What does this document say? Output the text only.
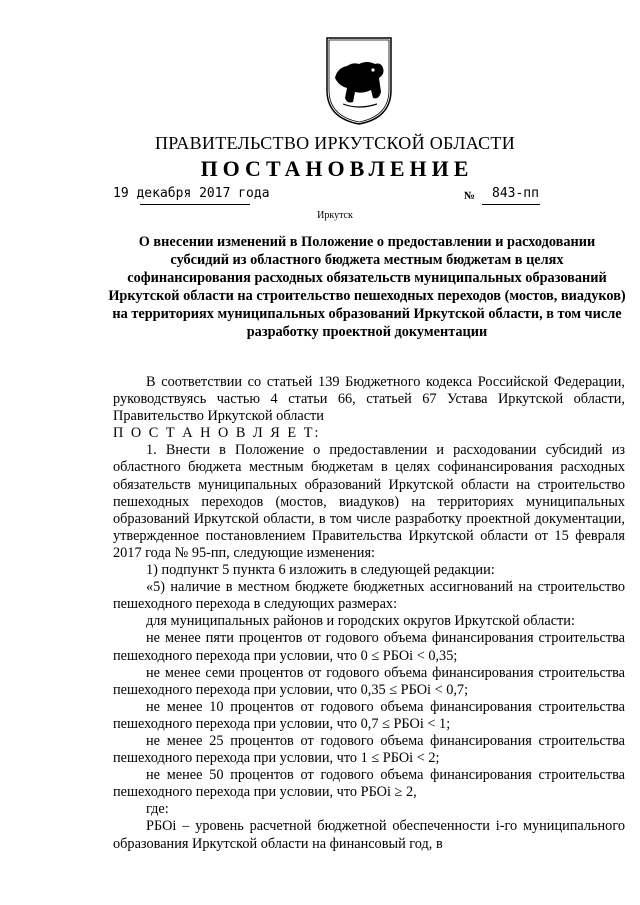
ПРАВИТЕЛЬСТВО ИРКУТСКОЙ ОБЛАСТИ
ПОСТАНОВЛЕНИЕ
19 декабря 2017 года	№ 843-пп
Иркутск
О внесении изменений в Положение о предоставлении и расходовании субсидий из областного бюджета местным бюджетам в целях софинансирования расходных обязательств муниципальных образований Иркутской области на строительство пешеходных переходов (мостов, виадуков) на территориях муниципальных образований Иркутской области, в том числе разработку проектной документации

В соответствии со статьей 139 Бюджетного кодекса Российской Федерации, руководствуясь частью 4 статьи 66, статьей 67 Устава Иркутской области, Правительство Иркутской области

П О С Т А Н О В Л Я Е Т:

1. Внести в Положение о предоставлении и расходовании субсидий из областного бюджета местным бюджетам в целях софинансирования расходных обязательств муниципальных образований Иркутской области на строительство пешеходных переходов (мостов, виадуков) на территориях муниципальных образований Иркутской области, в том числе разработку проектной документации, утвержденное постановлением Правительства Иркутской области от 15 февраля 2017 года № 95-пп, следующие изменения:

1) подпункт 5 пункта 6 изложить в следующей редакции:

«5) наличие в местном бюджете бюджетных ассигнований на строительство пешеходного перехода в следующих размерах:

для муниципальных районов и городских округов Иркутской области:

не менее пяти процентов от годового объема финансирования строительства пешеходного перехода при условии, что 0 ≤ РБОi < 0,35;

не менее семи процентов от годового объема финансирования строительства пешеходного перехода при условии, что 0,35 ≤ РБОi < 0,7;

не менее 10 процентов от годового объема финансирования строительства пешеходного перехода при условии, что 0,7 ≤ РБОi < 1;

не менее 25 процентов от годового объема финансирования строительства пешеходного перехода при условии, что 1 ≤ РБОi < 2;

не менее 50 процентов от годового объема финансирования строительства пешеходного перехода при условии, что РБОi ≥ 2,

где:

РБОi – уровень расчетной бюджетной обеспеченности i-го муниципального образования Иркутской области на финансовый год, в
